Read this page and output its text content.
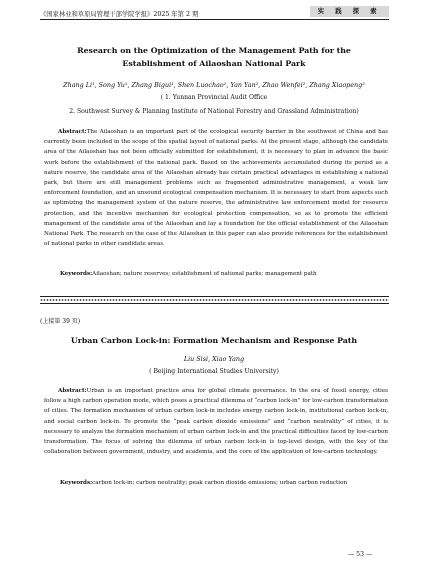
《国家林业和草原局管理干部学院学报》2025 年第 2 期	实 践 探 索
Research on the Optimization of the Management Path for the
Establishment of Ailaoshan National Park
Zhang Li¹, Song Yu¹, Zhang Bigui¹, Shen Luochao¹, Yan Yan², Zhao Wenfei², Zhang Xiaopeng²
( 1. Yunnan Provincial Audit Office
2. Southwest Survey & Planning Institute of National Forestry and Grassland Administration)
Abstract:The Ailaoshan is an important part of the ecological security barrier in the southwest of China and has currently been included in the scope of the spatial layout of national parks. At the present stage, although the candidate area of the Ailaoshan has not been officially submitted for establishment, it is necessary to plan in advance the basic work before the establishment of the national park. Based on the achievements accumulated during its period as a nature reserve, the candidate area of the Ailaoshan already has certain practical advantages in establishing a national park, but there are still management problems such as fragmented administrative management, a weak law enforcement foundation, and an unsound ecological compensation mechanism. It is necessary to start from aspects such as optimizing the management system of the nature reserve, the administrative law enforcement model for resource protection, and the incentive mechanism for ecological protection compensation, so as to promote the efficient management of the candidate area of the Ailaoshan and lay a foundation for the official establishment of the Ailaoshan National Park. The research on the case of the Ailaoshan in this paper can also provide references for the establishment of national parks in other candidate areas.
Keywords:Ailaoshan; nature reserves; establishment of national parks; management path
(上接第 39 页)
Urban Carbon Lock-in: Formation Mechanism and Response Path
Liu Sisi, Xiao Yang
( Beijing International Studies University)
Abstract:Urban is an important practice area for global climate governance. In the era of fossil energy, cities follow a high carbon operation mode, which poses a practical dilemma of “carbon lock-in” for low-carbon transformation of cities. The formation mechanism of urban carbon lock-in includes energy carbon lock-in, institutional carbon lock-in, and social carbon lock-in. To promote the “peak carbon dioxide emissions” and “carbon neutrality” of cities, it is necessary to analyze the formation mechanism of urban carbon lock-in and the practical difficulties faced by low-carbon transformation. The focus of solving the dilemma of urban carbon lock-in is top-level design, with the key of the collaboration between government, industry, and academia, and the core of the application of low-carbon technology.
Keywords:carbon lock-in; carbon neutrality; peak carbon dioxide emissions; urban carbon reduction
— 53 —
